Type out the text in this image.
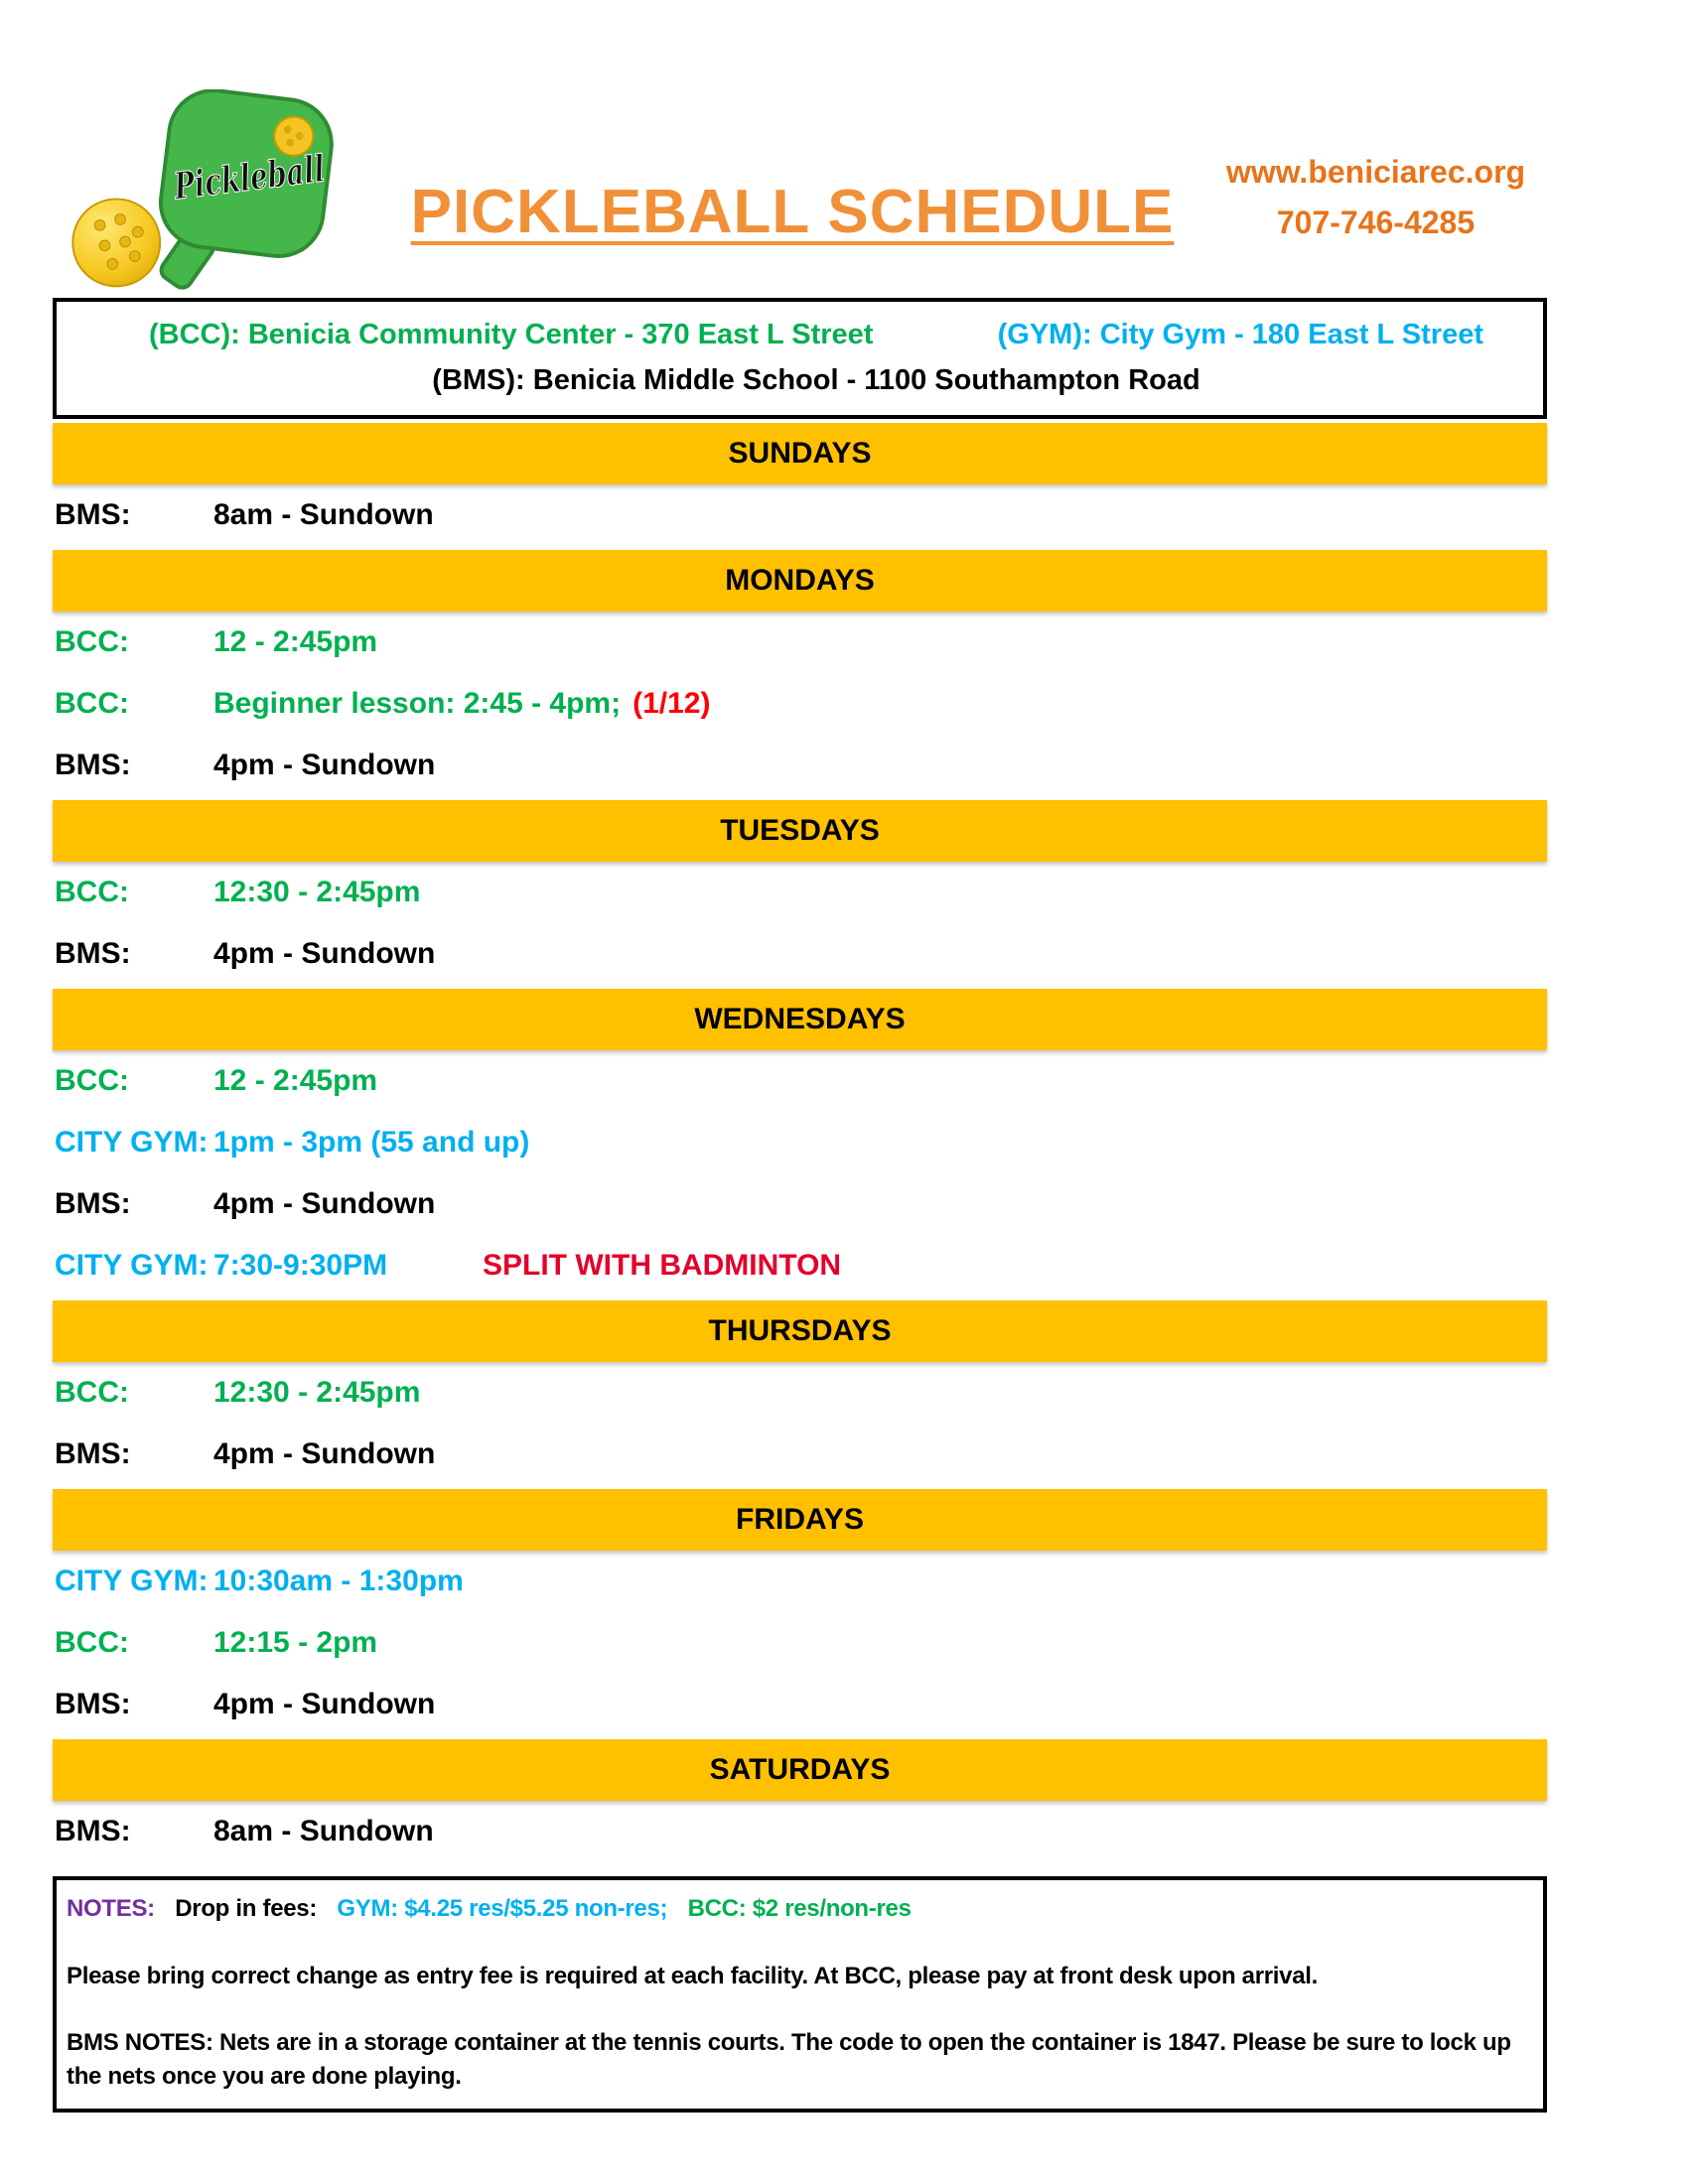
Pickleball
PICKLEBALL SCHEDULE
www.beniciarec.org
707-746-4285
(BCC): Benicia Community Center - 370 East L Street	(GYM): City Gym - 180 East L Street
(BMS): Benicia Middle School - 1100 Southampton Road
SUNDAYS
BMS:	8am - Sundown
MONDAYS
BCC:	12 - 2:45pm
BCC:	Beginner lesson: 2:45 - 4pm; (1/12)
BMS:	4pm - Sundown
TUESDAYS
BCC:	12:30 - 2:45pm
BMS:	4pm - Sundown
WEDNESDAYS
BCC:	12 - 2:45pm
CITY GYM: 1pm - 3pm (55 and up)
BMS:	4pm - Sundown
CITY GYM: 7:30-9:30PM	SPLIT WITH BADMINTON
THURSDAYS
BCC:	12:30 - 2:45pm
BMS:	4pm - Sundown
FRIDAYS
CITY GYM: 10:30am - 1:30pm
BCC:	12:15 - 2pm
BMS:	4pm - Sundown
SATURDAYS
BMS:	8am - Sundown

NOTES: Drop in fees: GYM: $4.25 res/$5.25 non-res; BCC: $2 res/non-res

Please bring correct change as entry fee is required at each facility. At BCC, please pay at front desk upon arrival.

BMS NOTES: Nets are in a storage container at the tennis courts. The code to open the container is 1847. Please be sure to lock up the nets once you are done playing.
